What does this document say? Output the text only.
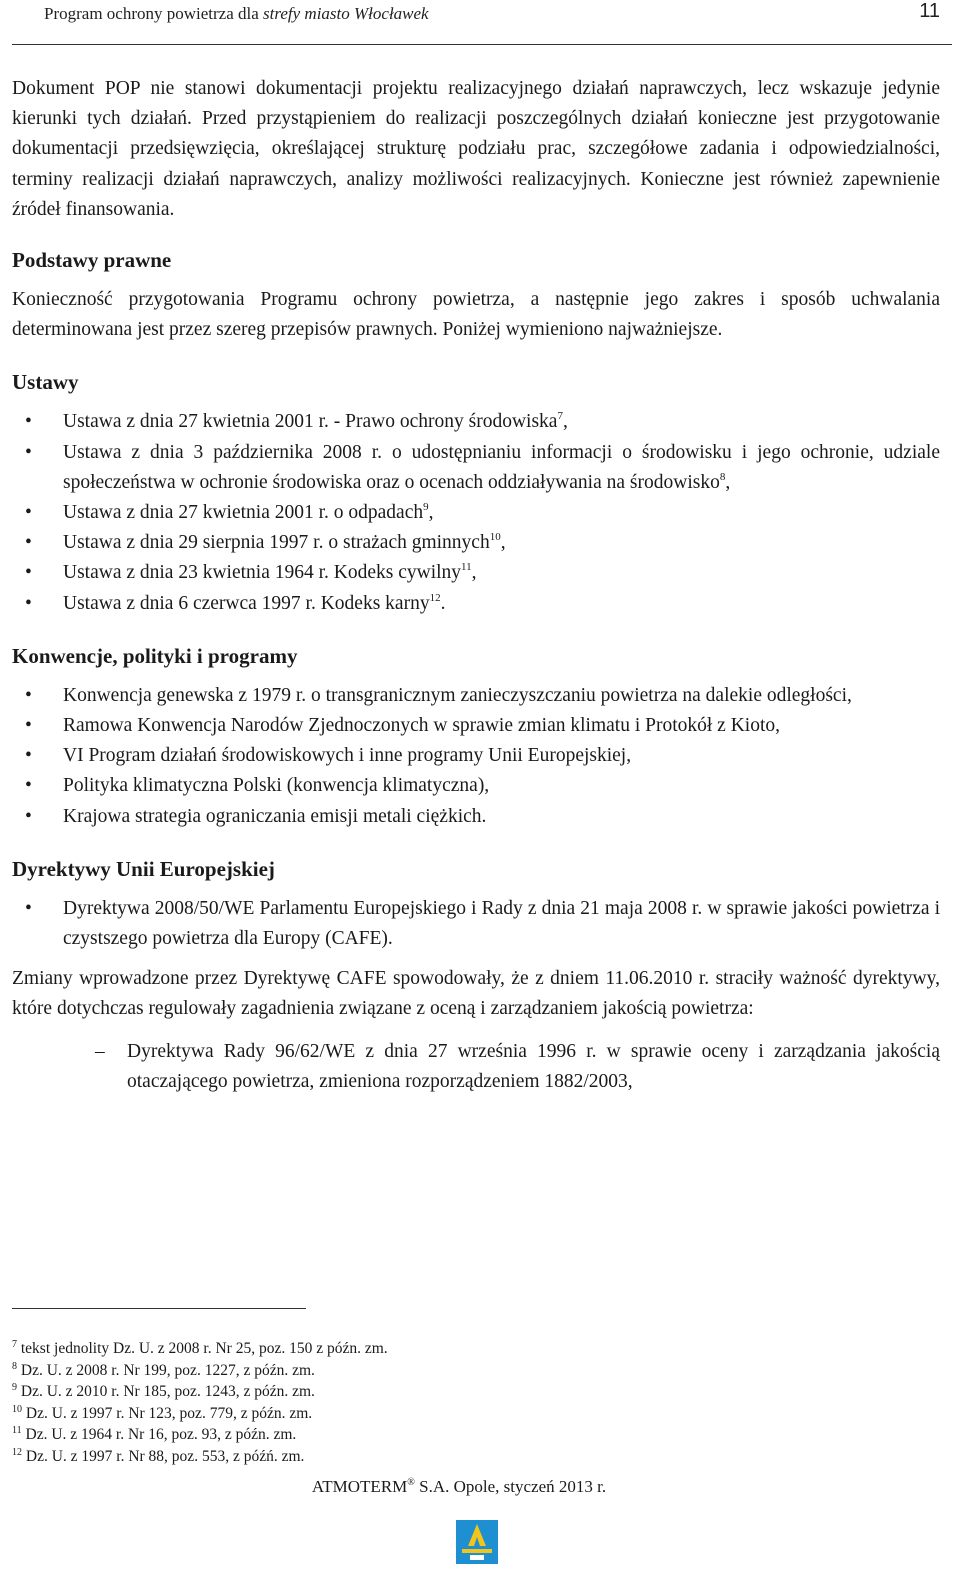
Program ochrony powietrza dla strefy miasto Włocławek	11

Dokument POP nie stanowi dokumentacji projektu realizacyjnego działań naprawczych, lecz wskazuje jedynie kierunki tych działań. Przed przystąpieniem do realizacji poszczególnych działań konieczne jest przygotowanie dokumentacji przedsięwzięcia, określającej strukturę podziału prac, szczegółowe zadania i odpowiedzialności, terminy realizacji działań naprawczych, analizy możliwości realizacyjnych. Konieczne jest również zapewnienie źródeł finansowania.

Podstawy prawne

Konieczność przygotowania Programu ochrony powietrza, a następnie jego zakres i sposób uchwalania determinowana jest przez szereg przepisów prawnych. Poniżej wymieniono najważniejsze.

Ustawy
• Ustawa z dnia 27 kwietnia 2001 r. - Prawo ochrony środowiska$^7$,
• Ustawa z dnia 3 października 2008 r. o udostępnianiu informacji o środowisku i jego ochronie, udziale społeczeństwa w ochronie środowiska oraz o ocenach oddziaływania na środowisko$^8$,
• Ustawa z dnia 27 kwietnia 2001 r. o odpadach$^9$,
• Ustawa z dnia 29 sierpnia 1997 r. o strażach gminnych$^{10}$,
• Ustawa z dnia 23 kwietnia 1964 r. Kodeks cywilny$^{11}$,
• Ustawa z dnia 6 czerwca 1997 r. Kodeks karny$^{12}$.
Konwencje, polityki i programy
• Konwencja genewska z 1979 r. o transgranicznym zanieczyszczaniu powietrza na dalekie odległości,
• Ramowa Konwencja Narodów Zjednoczonych w sprawie zmian klimatu i Protokół z Kioto,
• VI Program działań środowiskowych i inne programy Unii Europejskiej,
• Polityka klimatyczna Polski (konwencja klimatyczna),
• Krajowa strategia ograniczania emisji metali ciężkich.
Dyrektywy Unii Europejskiej
• Dyrektywa 2008/50/WE Parlamentu Europejskiego i Rady z dnia 21 maja 2008 r. w sprawie jakości powietrza i czystszego powietrza dla Europy (CAFE).

Zmiany wprowadzone przez Dyrektywę CAFE spowodowały, że z dniem 11.06.2010 r. straciły ważność dyrektywy, które dotychczas regulowały zagadnienia związane z oceną i zarządzaniem jakością powietrza:

– Dyrektywa Rady 96/62/WE z dnia 27 września 1996 r. w sprawie oceny i zarządzania jakością otaczającego powietrza, zmieniona rozporządzeniem 1882/2003,
$^7$ tekst jednolity Dz. U. z 2008 r. Nr 25, poz. 150 z późn. zm.
$^8$ Dz. U. z 2008 r. Nr 199, poz. 1227, z późn. zm.
$^9$ Dz. U. z 2010 r. Nr 185, poz. 1243, z późn. zm.
$^{10}$ Dz. U. z 1997 r. Nr 123, poz. 779, z późn. zm.
$^{11}$ Dz. U. z 1964 r. Nr 16, poz. 93, z późn. zm.
$^{12}$ Dz. U. z 1997 r. Nr 88, poz. 553, z późń. zm.
ATMOTERM® S.A. Opole, styczeń 2013 r.
